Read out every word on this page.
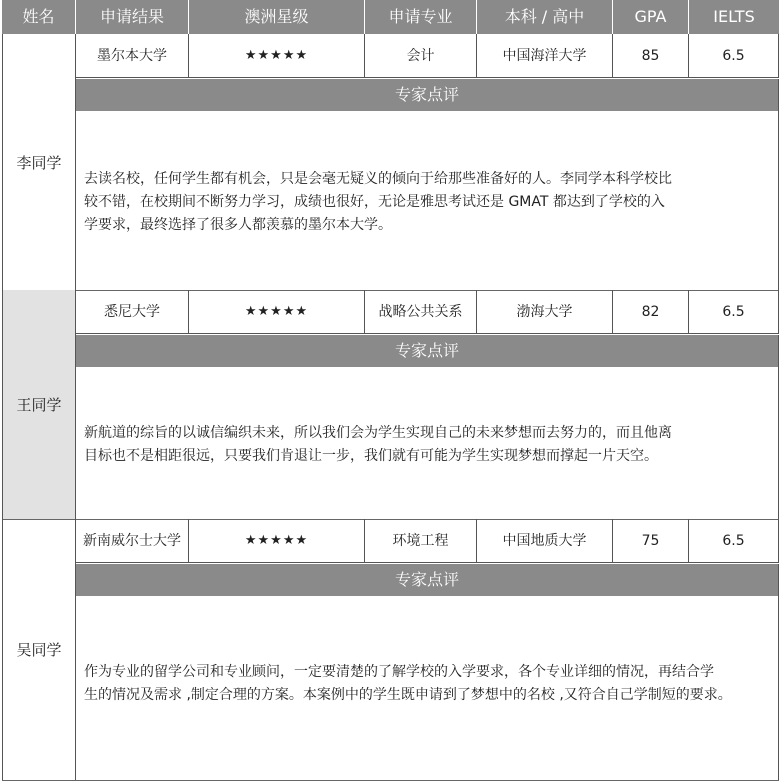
姓名	申请结果	澳洲星级	申请专业	本科 / 高中	GPA	IELTS
李同学
墨尔本大学	★★★★★	会计	中国海洋大学	85	6.5
专家点评

去读名校，任何学生都有机会，只是会毫无疑义的倾向于给那些准备好的人。李同学本科学校比

较不错，在校期间不断努力学习，成绩也很好，无论是雅思考试还是 GMAT 都达到了学校的入

学要求，最终选择了很多人都羡慕的墨尔本大学。

王同学
悉尼大学	★★★★★	战略公共关系	渤海大学	82	6.5
专家点评

新航道的综旨的以诚信编织未来，所以我们会为学生实现自己的未来梦想而去努力的，而且他离

目标也不是相距很远，只要我们肯退让一步，我们就有可能为学生实现梦想而撑起一片天空。

吴同学
新南威尔士大学	★★★★★	环境工程	中国地质大学	75	6.5
专家点评

作为专业的留学公司和专业顾问，一定要清楚的了解学校的入学要求，各个专业详细的情况，再结合学

生的情况及需求 ,制定合理的方案。本案例中的学生既申请到了梦想中的名校 ,又符合自己学制短的要求。
